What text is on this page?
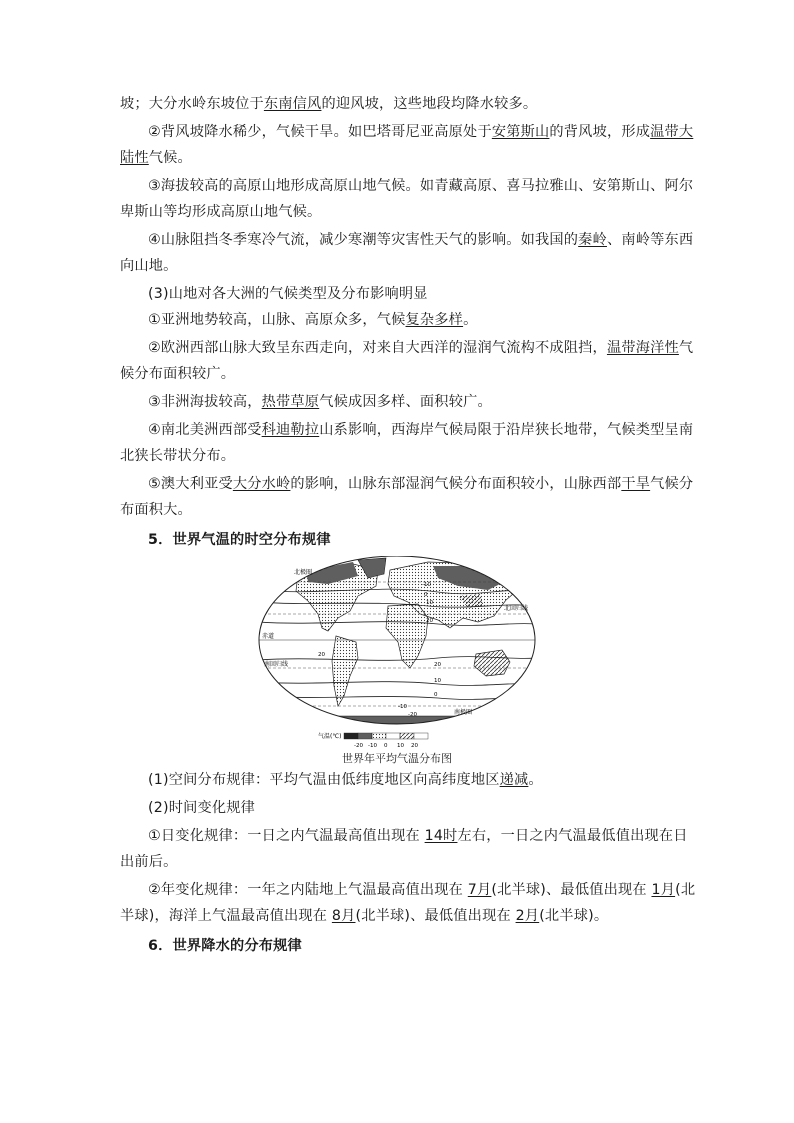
坡；大分水岭东坡位于东南信风的迎风坡，这些地段均降水较多。
②背风坡降水稀少，气候干旱。如巴塔哥尼亚高原处于安第斯山的背风坡，形成温带大
陆性气候。
③海拔较高的高原山地形成高原山地气候。如青藏高原、喜马拉雅山、安第斯山、阿尔
卑斯山等均形成高原山地气候。
④山脉阻挡冬季寒冷气流，减少寒潮等灾害性天气的影响。如我国的秦岭、南岭等东西
向山地。
(3)山地对各大洲的气候类型及分布影响明显
①亚洲地势较高，山脉、高原众多，气候复杂多样。
②欧洲西部山脉大致呈东西走向，对来自大西洋的湿润气流构不成阻挡，温带海洋性气
候分布面积较广。
③非洲海拔较高，热带草原气候成因多样、面积较广。
④南北美洲西部受科迪勒拉山系影响，西海岸气候局限于沿岸狭长地带，气候类型呈南
北狭长带状分布。
⑤澳大利亚受大分水岭的影响，山脉东部湿润气候分布面积较小，山脉西部干旱气候分
布面积大。
5．世界气温的时空分布规律
(1)空间分布规律：平均气温由低纬度地区向高纬度地区递减。
(2)时间变化规律
①日变化规律：一日之内气温最高值出现在 14时左右，一日之内气温最低值出现在日
出前后。
②年变化规律：一年之内陆地上气温最高值出现在 7月(北半球)、最低值出现在 1月(北
半球)，海洋上气温最高值出现在 8月(北半球)、最低值出现在 2月(北半球)。
6．世界降水的分布规律
北回归线
北极圈
赤道
南回归线
南极圈
-10
0
10
20
20
20
10
0
-10
-20
气温(℃)
-20 -10 0 10 20
世界年平均气温分布图
